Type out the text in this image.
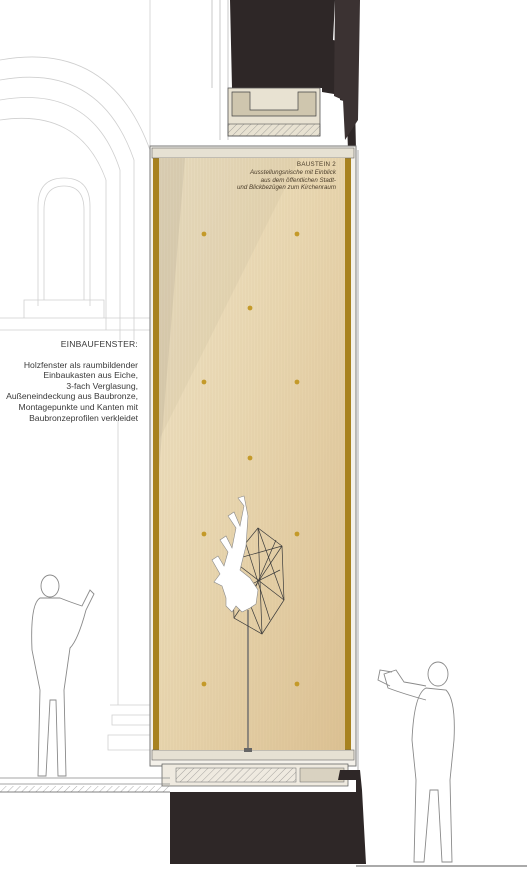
EINBAUFENSTER:
Holzfenster als raumbildender
Einbaukasten aus Eiche,
3-fach Verglasung,
Außeneindeckung aus Baubronze,
Montagepunkte und Kanten mit
Baubronzeprofilen verkleidet
BAUSTEIN 2
Ausstellungsnische mit Einblick
aus dem öffentlichen Stadt-
und Blickbezügen zum Kirchenraum
